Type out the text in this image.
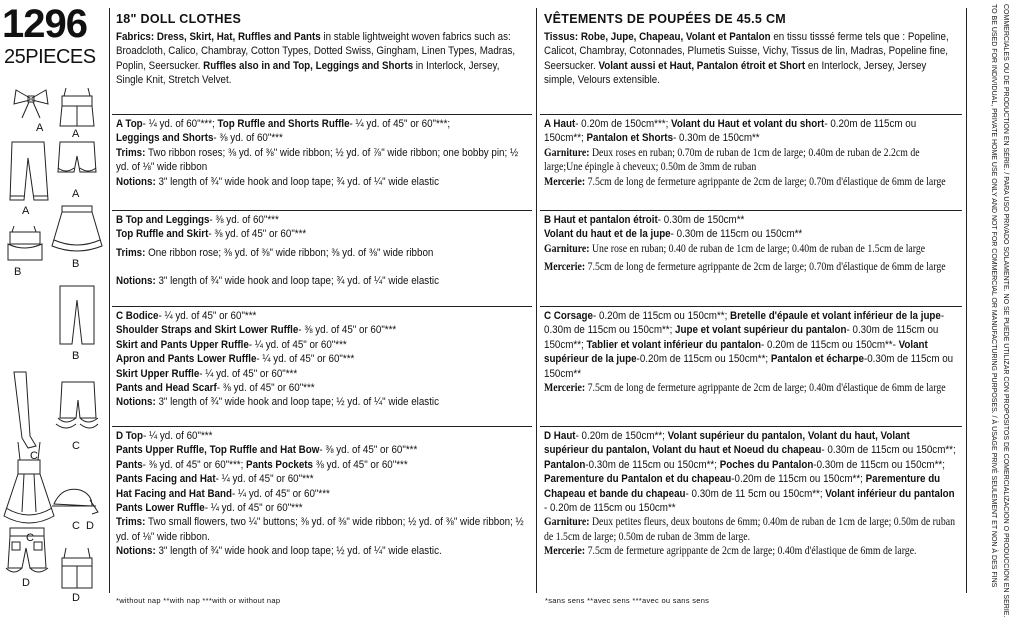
1296
25PIECES
A	A
A
A
B
B
B
C
C
C
C
D
D
D
18" DOLL CLOTHES

Fabrics: Dress, Skirt, Hat, Ruffles and Pants in stable lightweight woven fabrics such as: Broadcloth, Calico, Chambray, Cotton Types, Dotted Swiss, Gingham, Linen Types, Madras, Poplin, Seersucker. Ruffles also in and Top, Leggings and Shorts in Interlock, Jersey, Single Knit, Stretch Velvet.

A Top- ¼ yd. of 60"***; Top Ruffle and Shorts Ruffle- ¼ yd. of 45" or 60"***;
Leggings and Shorts- ⅜ yd. of 60"***

Trims: Two ribbon roses; ⅜ yd. of ⅜" wide ribbon; ½ yd. of ⅞" wide ribbon; one bobby pin; ½ yd. of ⅛" wide ribbon

Notions: 3" length of ¾" wide hook and loop tape; ¾ yd. of ¼" wide elastic

B Top and Leggings- ⅜ yd. of 60"***
Top Ruffle and Skirt- ⅜ yd. of 45" or 60"***

Trims: One ribbon rose; ⅜ yd. of ⅜" wide ribbon; ⅜ yd. of ⅜" wide ribbon

Notions: 3" length of ¾" wide hook and loop tape; ¾ yd. of ¼" wide elastic

C Bodice- ¼ yd. of 45" or 60"***
Shoulder Straps and Skirt Lower Ruffle- ⅜ yd. of 45" or 60"***
Skirt and Pants Upper Ruffle- ¼ yd. of 45" or 60"***
Apron and Pants Lower Ruffle- ¼ yd. of 45" or 60"***
Skirt Upper Ruffle- ¼ yd. of 45" or 60"***
Pants and Head Scarf- ⅜ yd. of 45" or 60"***

Notions: 3" length of ¾" wide hook and loop tape; ½ yd. of ¼" wide elastic

D Top- ¼ yd. of 60"***
Pants Upper Ruffle, Top Ruffle and Hat Bow- ⅜ yd. of 45" or 60"***
Pants- ⅜ yd. of 45" or 60"***; Pants Pockets ⅜ yd. of 45" or 60"***
Pants Facing and Hat- ¼ yd. of 45" or 60"***
Hat Facing and Hat Band- ¼ yd. of 45" or 60"***
Pants Lower Ruffle- ¼ yd. of 45" or 60"***

Trims: Two small flowers, two ¼" buttons; ⅜ yd. of ⅜" wide ribbon; ½ yd. of ⅜" wide ribbon; ½ yd. of ⅛" wide ribbon.

Notions: 3" length of ¾" wide hook and loop tape; ½ yd. of ¼" wide elastic.

*without nap **with nap ***with or without nap
VÊTEMENTS DE POUPÉES DE 45.5 CM

Tissus: Robe, Jupe, Chapeau, Volant et Pantalon en tissu tisssé ferme tels que : Popeline, Calicot, Chambray, Cotonnades, Plumetis Suisse, Vichy, Tissus de lin, Madras, Popeline fine, Seersucker. Volant aussi et Haut, Pantalon étroit et Short en Interlock, Jersey, Jersey simple, Velours extensible.

A Haut- 0.20m de 150cm***; Volant du Haut et volant du short- 0.20m de 115cm ou 150cm**; Pantalon et Shorts- 0.30m de 150cm**

Garniture: Deux roses en ruban; 0.70m de ruban de 1cm de large; 0.40m de ruban de 2.2cm de large;Une épingle à cheveux; 0.50m de 3mm de ruban

Mercerie: 7.5cm de long de fermeture agrippante de 2cm de large; 0.70m d'élastique de 6mm de large

B Haut et pantalon étroit- 0.30m de 150cm**
Volant du haut et de la jupe- 0.30m de 115cm ou 150cm**

Garniture: Une rose en ruban; 0.40 de ruban de 1cm de large; 0.40m de ruban de 1.5cm de large

Mercerie: 7.5cm de long de fermeture agrippante de 2cm de large; 0.70m d'élastique de 6mm de large

C Corsage- 0.20m de 115cm ou 150cm**; Bretelle d'épaule et volant inférieur de la jupe- 0.30m de 115cm ou 150cm**; Jupe et volant supérieur du pantalon- 0.30m de 115cm ou 150cm**; Tablier et volant inférieur du pantalon- 0.20m de 115cm ou 150cm**- Volant supérieur de la jupe-0.20m de 115cm ou 150cm**; Pantalon et écharpe-0.30m de 115cm ou 150cm**

Mercerie: 7.5cm de long de fermeture agrippante de 2cm de large; 0.40m d'élastique de 6mm de large

D Haut- 0.20m de 150cm**; Volant supérieur du pantalon, Volant du haut, Volant supérieur du pantalon, Volant du haut et Noeud du chapeau- 0.30m de 115cm ou 150cm**; Pantalon-0.30m de 115cm ou 150cm**; Poches du Pantalon-0.30m de 115cm ou 150cm**; Parementure du Pantalon et du chapeau-0.20m de 115cm ou 150cm**; Parementure du Chapeau et bande du chapeau- 0.30m de 11 5cm ou 150cm**; Volant inférieur du pantalon - 0.20m de 115cm ou 150cm**

Garniture: Deux petites fleurs, deux boutons de 6mm; 0.40m de ruban de 1cm de large; 0.50m de ruban de 1.5cm de large; 0.50m de ruban de 3mm de large.

Mercerie: 7.5cm de fermeture agrippante de 2cm de large; 0.40m d'élastique de 6mm de large.

*sans sens **avec sens ***avec ou sans sens
TO BE USED FOR INDIVIDUAL, PRIVATE HOME USE ONLY AND NOT FOR COMMERCIAL OR MANUFACTURING PURPOSES. / À USAGE PRIVÉ SEULEMENT ET NON À DES FINS COMMERCIALES OU DE PRODUCTION EN SÉRIE. / PARA USO PRIVADO SOLAMENTE. NO SE PUEDE UTILIZAR CON PROPÓSITOS DE COMERCIALIZACIÓN O PRODUCCIÓN EN SERIE.
